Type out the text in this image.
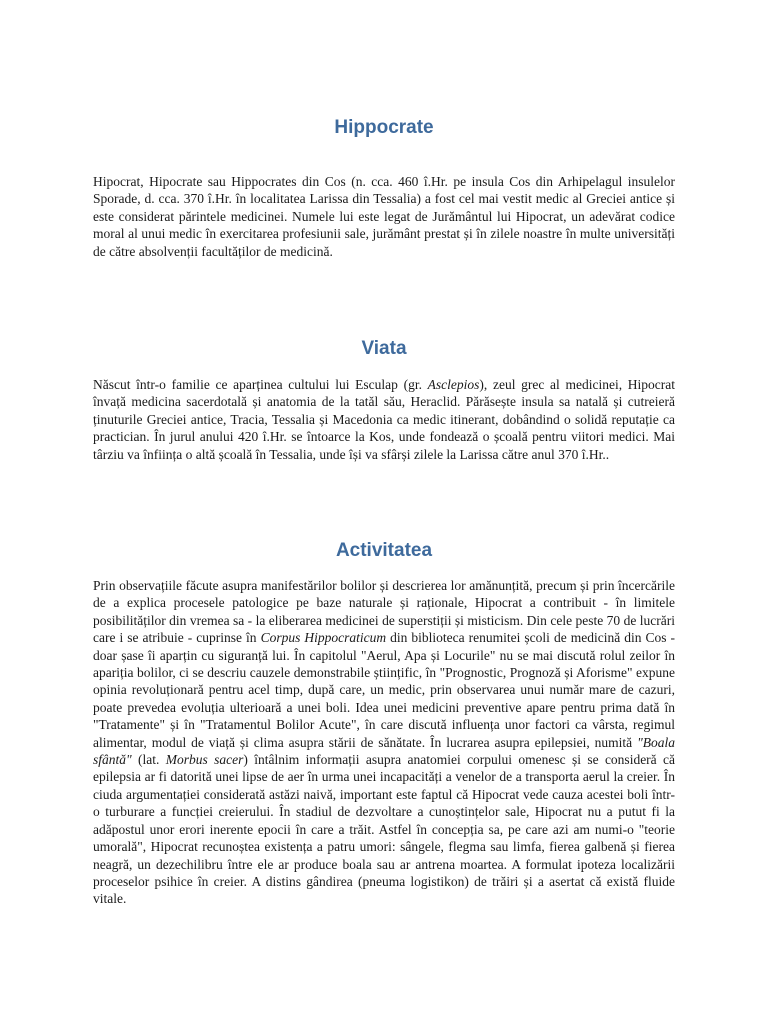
Hippocrate

Hipocrat, Hipocrate sau Hippocrates din Cos (n. cca. 460 î.Hr. pe insula Cos din Arhipelagul insulelor Sporade, d. cca. 370 î.Hr. în localitatea Larissa din Tessalia) a fost cel mai vestit medic al Greciei antice și este considerat părintele medicinei. Numele lui este legat de Jurământul lui Hipocrat, un adevărat codice moral al unui medic în exercitarea profesiunii sale, jurământ prestat și în zilele noastre în multe universități de către absolvenții facultăților de medicină.

Viata

Născut într-o familie ce aparținea cultului lui Esculap (gr. Asclepios), zeul grec al medicinei, Hipocrat învață medicina sacerdotală și anatomia de la tatăl său, Heraclid. Părăsește insula sa natală și cutreieră ținuturile Greciei antice, Tracia, Tessalia și Macedonia ca medic itinerant, dobândind o solidă reputație ca practician. În jurul anului 420 î.Hr. se întoarce la Kos, unde fondează o școală pentru viitori medici. Mai târziu va înființa o altă școală în Tessalia, unde își va sfârși zilele la Larissa către anul 370 î.Hr..

Activitatea

Prin observațiile făcute asupra manifestărilor bolilor și descrierea lor amănunțită, precum și prin încercările de a explica procesele patologice pe baze naturale și raționale, Hipocrat a contribuit - în limitele posibilităților din vremea sa - la eliberarea medicinei de superstiții și misticism. Din cele peste 70 de lucrări care i se atribuie - cuprinse în Corpus Hippocraticum din biblioteca renumitei școli de medicină din Cos - doar șase îi aparțin cu siguranță lui. În capitolul "Aerul, Apa și Locurile" nu se mai discută rolul zeilor în apariția bolilor, ci se descriu cauzele demonstrabile științific, în "Prognostic, Prognoză și Aforisme" expune opinia revoluționară pentru acel timp, după care, un medic, prin observarea unui număr mare de cazuri, poate prevedea evoluția ulterioară a unei boli. Idea unei medicini preventive apare pentru prima dată în "Tratamente" și în "Tratamentul Bolilor Acute", în care discută influența unor factori ca vârsta, regimul alimentar, modul de viață și clima asupra stării de sănătate. În lucrarea asupra epilepsiei, numită "Boala sfântă" (lat. Morbus sacer) întâlnim informații asupra anatomiei corpului omenesc și se consideră că epilepsia ar fi datorită unei lipse de aer în urma unei incapacități a venelor de a transporta aerul la creier. În ciuda argumentației considerată astăzi naivă, important este faptul că Hipocrat vede cauza acestei boli într-o turburare a funcției creierului. În stadiul de dezvoltare a cunoștințelor sale, Hipocrat nu a putut fi la adăpostul unor erori inerente epocii în care a trăit. Astfel în concepția sa, pe care azi am numi-o "teorie umorală", Hipocrat recunoștea existența a patru umori: sângele, flegma sau limfa, fierea galbenă și fierea neagră, un dezechilibru între ele ar produce boala sau ar antrena moartea. A formulat ipoteza localizării proceselor psihice în creier. A distins gândirea (pneuma logistikon) de trăiri și a asertat că există fluide vitale.
